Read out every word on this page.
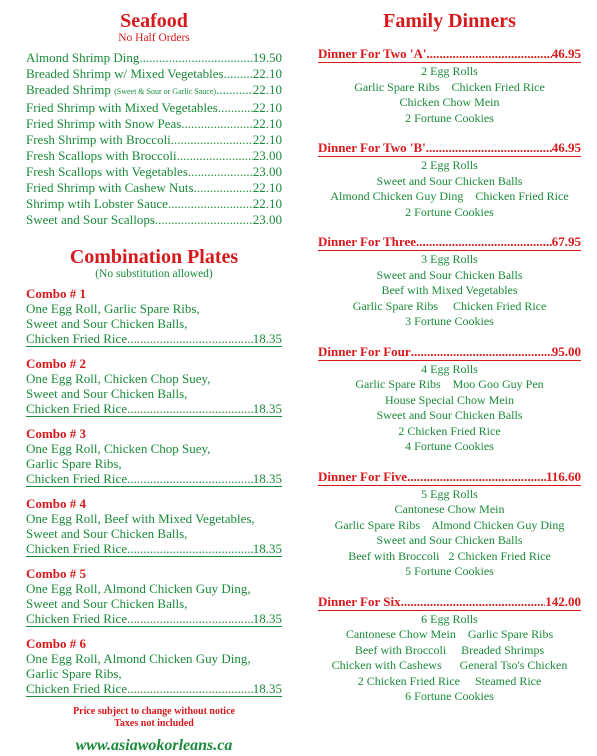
Seafood
No Half Orders
Almond Shrimp Ding .....	19.50
Breaded Shrimp w/ Mixed Vegetables ..... 22.10
Breaded Shrimp (Sweet & Sour or Garlic Sauce) .....	22.10
Fried Shrimp with Mixed Vegetables .....	22.10
Fried Shrimp with Snow Peas .....	22.10
Fresh Shrimp with Broccoli .....	22.10
Fresh Scallops with Broccoli .....	23.00
Fresh Scallops with Vegetables .....	23.00
Fried Shrimp with Cashew Nuts .....	22.10
Shrimp wtih Lobster Sauce .....	22.10
Sweet and Sour Scallops .....	23.00
Combination Plates
(No substitution allowed)
Combo # 1
One Egg Roll, Garlic Spare Ribs,
Sweet and Sour Chicken Balls,
Chicken Fried Rice .....	18.35
Combo # 2
One Egg Roll, Chicken Chop Suey,
Sweet and Sour Chicken Balls,
Chicken Fried Rice .....	18.35
Combo # 3
One Egg Roll, Chicken Chop Suey,
Garlic Spare Ribs,
Chicken Fried Rice .....	18.35
Combo # 4
One Egg Roll, Beef with Mixed Vegetables,
Sweet and Sour Chicken Balls,
Chicken Fried Rice .....	18.35
Combo # 5
One Egg Roll, Almond Chicken Guy Ding,
Sweet and Sour Chicken Balls,
Chicken Fried Rice .....	18.35
Combo # 6
One Egg Roll, Almond Chicken Guy Ding,
Garlic Spare Ribs,
Chicken Fried Rice .....	18.35
Price subject to change without notice
Taxes not included
www.asiawokorleans.ca
Family Dinners
Dinner For Two 'A' .....	46.95
2 Egg Rolls
Garlic Spare Ribs    Chicken Fried Rice
Chicken Chow Mein
2 Fortune Cookies
Dinner For Two 'B' .....	46.95
2 Egg Rolls
Sweet and Sour Chicken Balls
Almond Chicken Guy Ding    Chicken Fried Rice
2 Fortune Cookies
Dinner For Three .....	67.95
3 Egg Rolls
Sweet and Sour Chicken Balls
Beef with Mixed Vegetables
Garlic Spare Ribs     Chicken Fried Rice
3 Fortune Cookies
Dinner For Four .....	95.00
4 Egg Rolls
Garlic Spare Ribs    Moo Goo Guy Pen
House Special Chow Mein
Sweet and Sour Chicken Balls
2 Chicken Fried Rice
4 Fortune Cookies
Dinner For Five .....	116.60
5 Egg Rolls
Cantonese Chow Mein
Garlic Spare Ribs    Almond Chicken Guy Ding
Sweet and Sour Chicken Balls
Beef with Broccoli   2 Chicken Fried Rice
5 Fortune Cookies
Dinner For Six .....	142.00
6 Egg Rolls
Cantonese Chow Mein    Garlic Spare Ribs
Beef with Broccoli     Breaded Shrimps
Chicken with Cashews      General Tso's Chicken
2 Chicken Fried Rice     Steamed Rice
6 Fortune Cookies
